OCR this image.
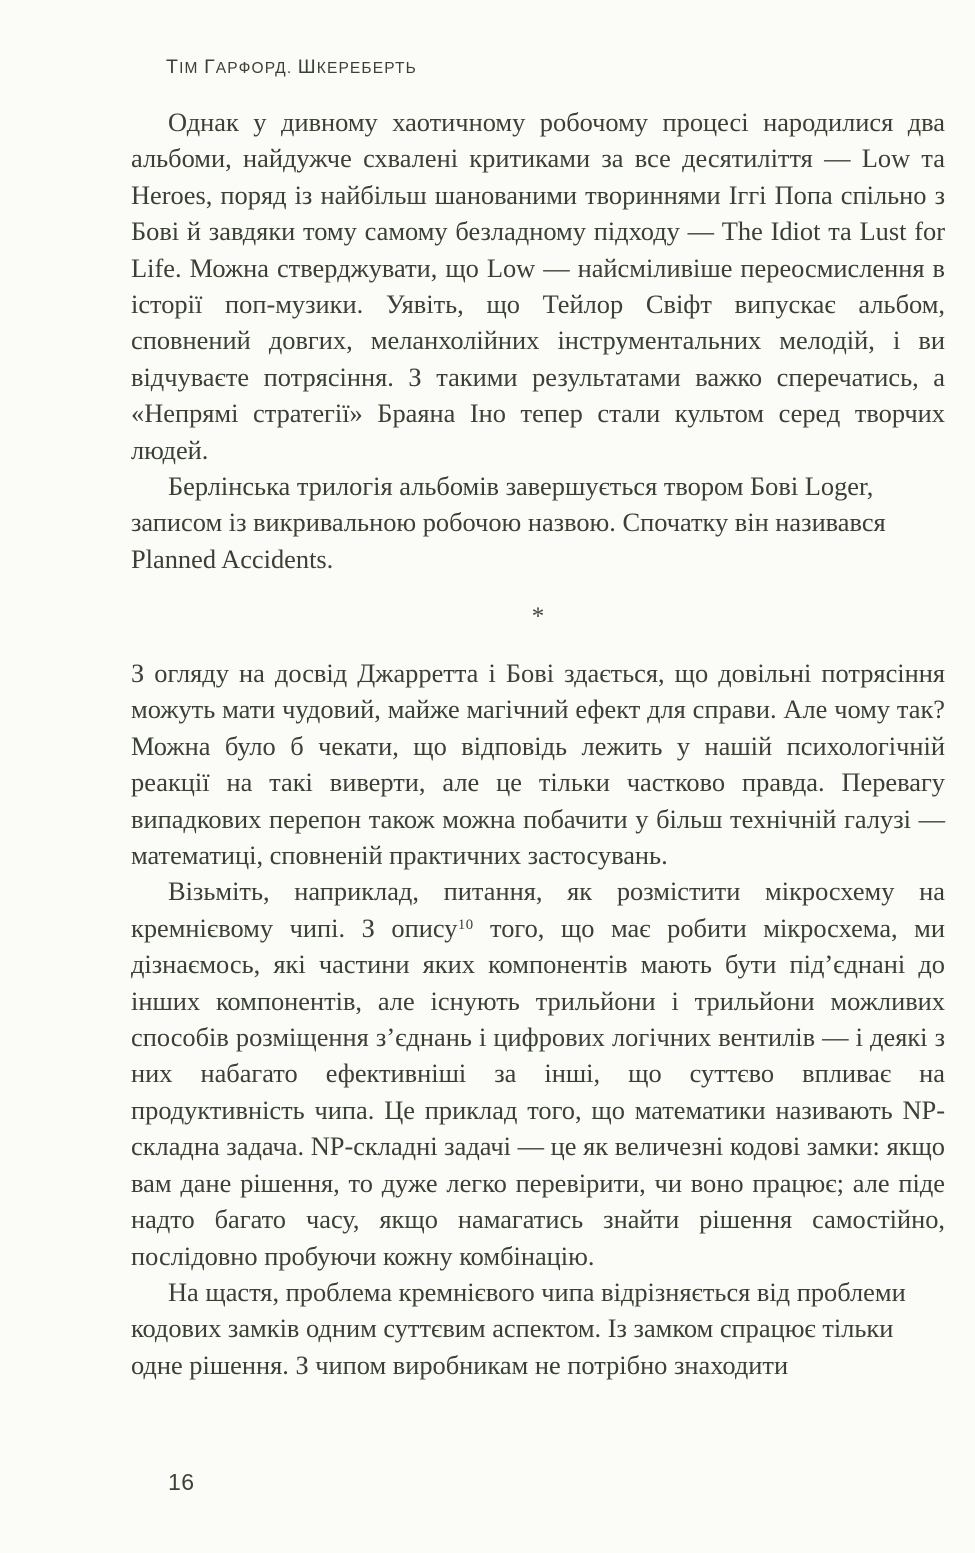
ТІМ ГАРФОРД. ШКЕРЕБЕРТЬ

Однак у дивному хаотичному робочому процесі народилися два альбоми, найдужче схвалені критиками за все десятиліття — Low та Heroes, поряд із найбільш шанованими твориннями Іггі Попа спільно з Бові й завдяки тому самому безладному підходу — The Idiot та Lust for Life. Можна стверджувати, що Low — найсміливіше переосмислення в історії поп-музики. Уявіть, що Тейлор Свіфт випускає альбом, сповнений довгих, меланхолійних інструментальних мелодій, і ви відчуваєте потрясіння. З такими результатами важко сперечатись, а «Непрямі стратегії» Браяна Іно тепер стали культом серед творчих людей.

Берлінська трилогія альбомів завершується твором Бові Loger, записом із викривальною робочою назвою. Спочатку він називався Planned Accidents.

*

З огляду на досвід Джарретта і Бові здається, що довільні потрясіння можуть мати чудовий, майже магічний ефект для справи. Але чому так? Можна було б чекати, що відповідь лежить у нашій психологічній реакції на такі виверти, але це тільки частково правда. Перевагу випадкових перепон також можна побачити у більш технічній галузі — математиці, сповненій практичних застосувань.

Візьміть, наприклад, питання, як розмістити мікросхему на кремнієвому чипі. З опису$^{10}$ того, що має робити мікросхема, ми дізнаємось, які частини яких компонентів мають бути під’єднані до інших компонентів, але існують трильйони і трильйони можливих способів розміщення з’єднань і цифрових логічних вентилів — і деякі з них набагато ефективніші за інші, що суттєво впливає на продуктивність чипа. Це приклад того, що математики називають NP-складна задача. NP-складні задачі — це як величезні кодові замки: якщо вам дане рішення, то дуже легко перевірити, чи воно працює; але піде надто багато часу, якщо намагатись знайти рішення самостійно, послідовно пробуючи кожну комбінацію.

На щастя, проблема кремнієвого чипа відрізняється від проблеми кодових замків одним суттєвим аспектом. Із замком спрацює тільки одне рішення. З чипом виробникам не потрібно знаходити

16
